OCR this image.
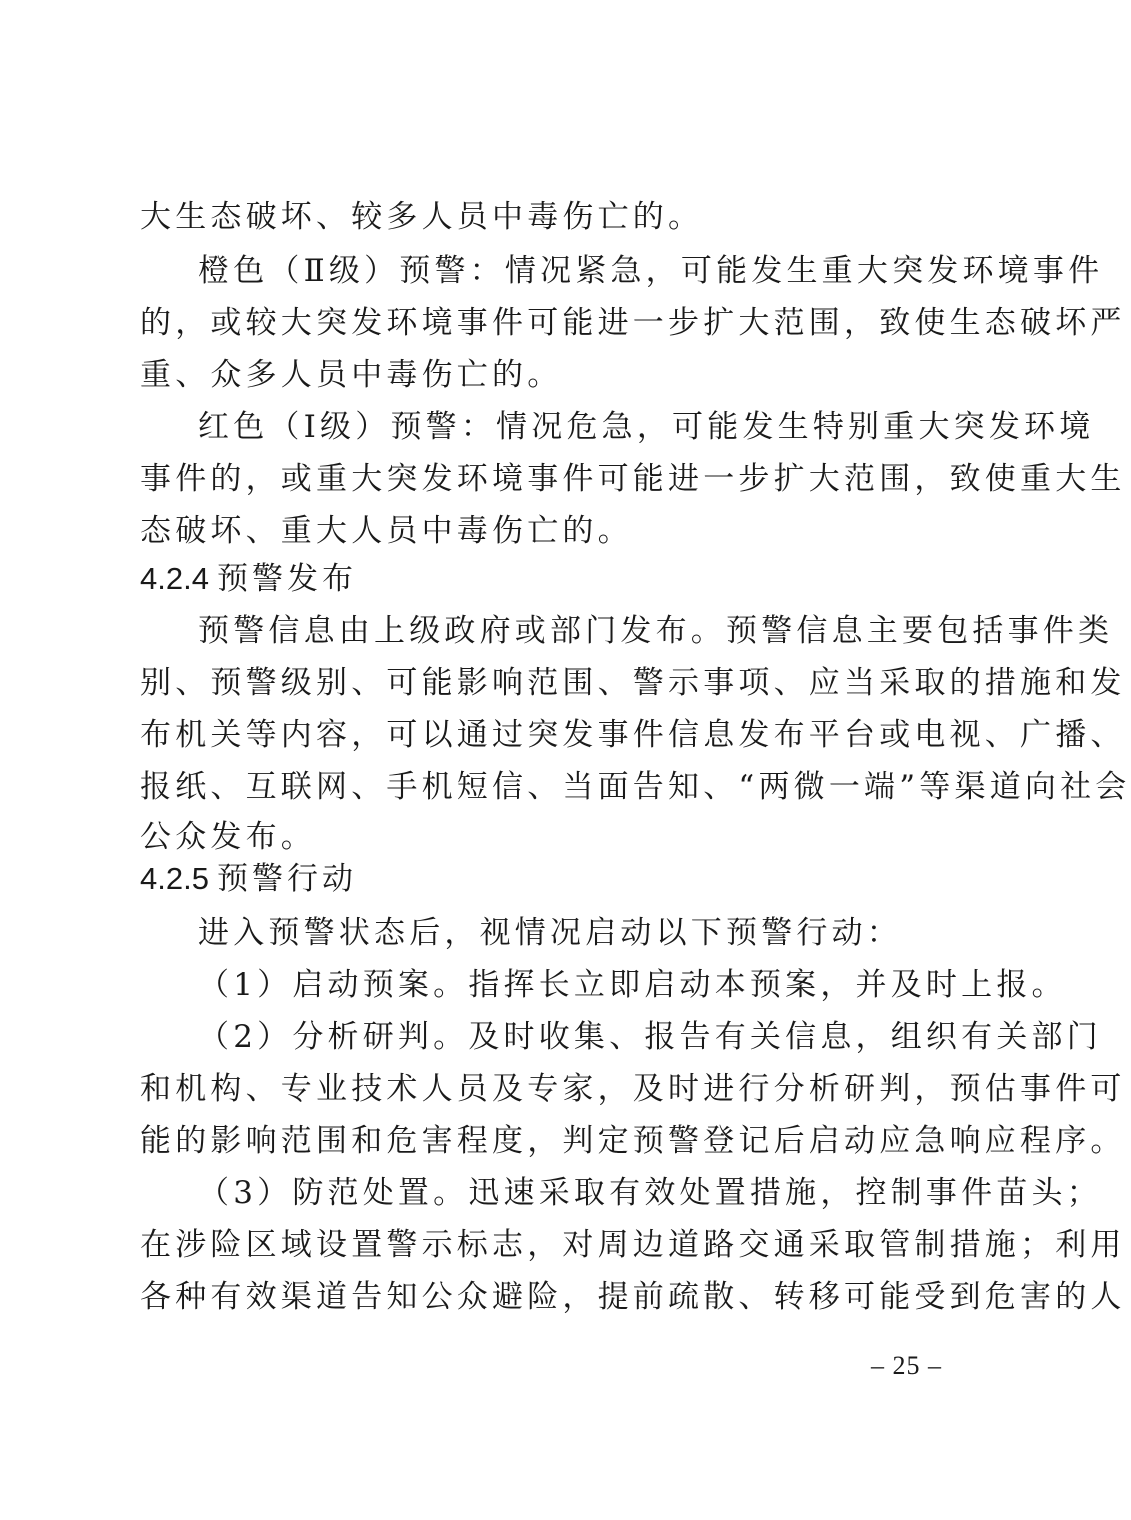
大生态破坏、较多人员中毒伤亡的。
橙色（Ⅱ级）预警：情况紧急，可能发生重大突发环境事件
的，或较大突发环境事件可能进一步扩大范围，致使生态破坏严
重、众多人员中毒伤亡的。
红色（Ⅰ级）预警：情况危急，可能发生特别重大突发环境
事件的，或重大突发环境事件可能进一步扩大范围，致使重大生
态破坏、重大人员中毒伤亡的。
4.2.4 预警发布
预警信息由上级政府或部门发布。预警信息主要包括事件类
别、预警级别、可能影响范围、警示事项、应当采取的措施和发
布机关等内容，可以通过突发事件信息发布平台或电视、广播、
报纸、互联网、手机短信、当面告知、“两微一端”等渠道向社会
公众发布。
4.2.5 预警行动
进入预警状态后，视情况启动以下预警行动：
（1）启动预案。指挥长立即启动本预案，并及时上报。
（2）分析研判。及时收集、报告有关信息，组织有关部门
和机构、专业技术人员及专家，及时进行分析研判，预估事件可
能的影响范围和危害程度，判定预警登记后启动应急响应程序。
（3）防范处置。迅速采取有效处置措施，控制事件苗头；
在涉险区域设置警示标志，对周边道路交通采取管制措施；利用
各种有效渠道告知公众避险，提前疏散、转移可能受到危害的人
– 25 –
